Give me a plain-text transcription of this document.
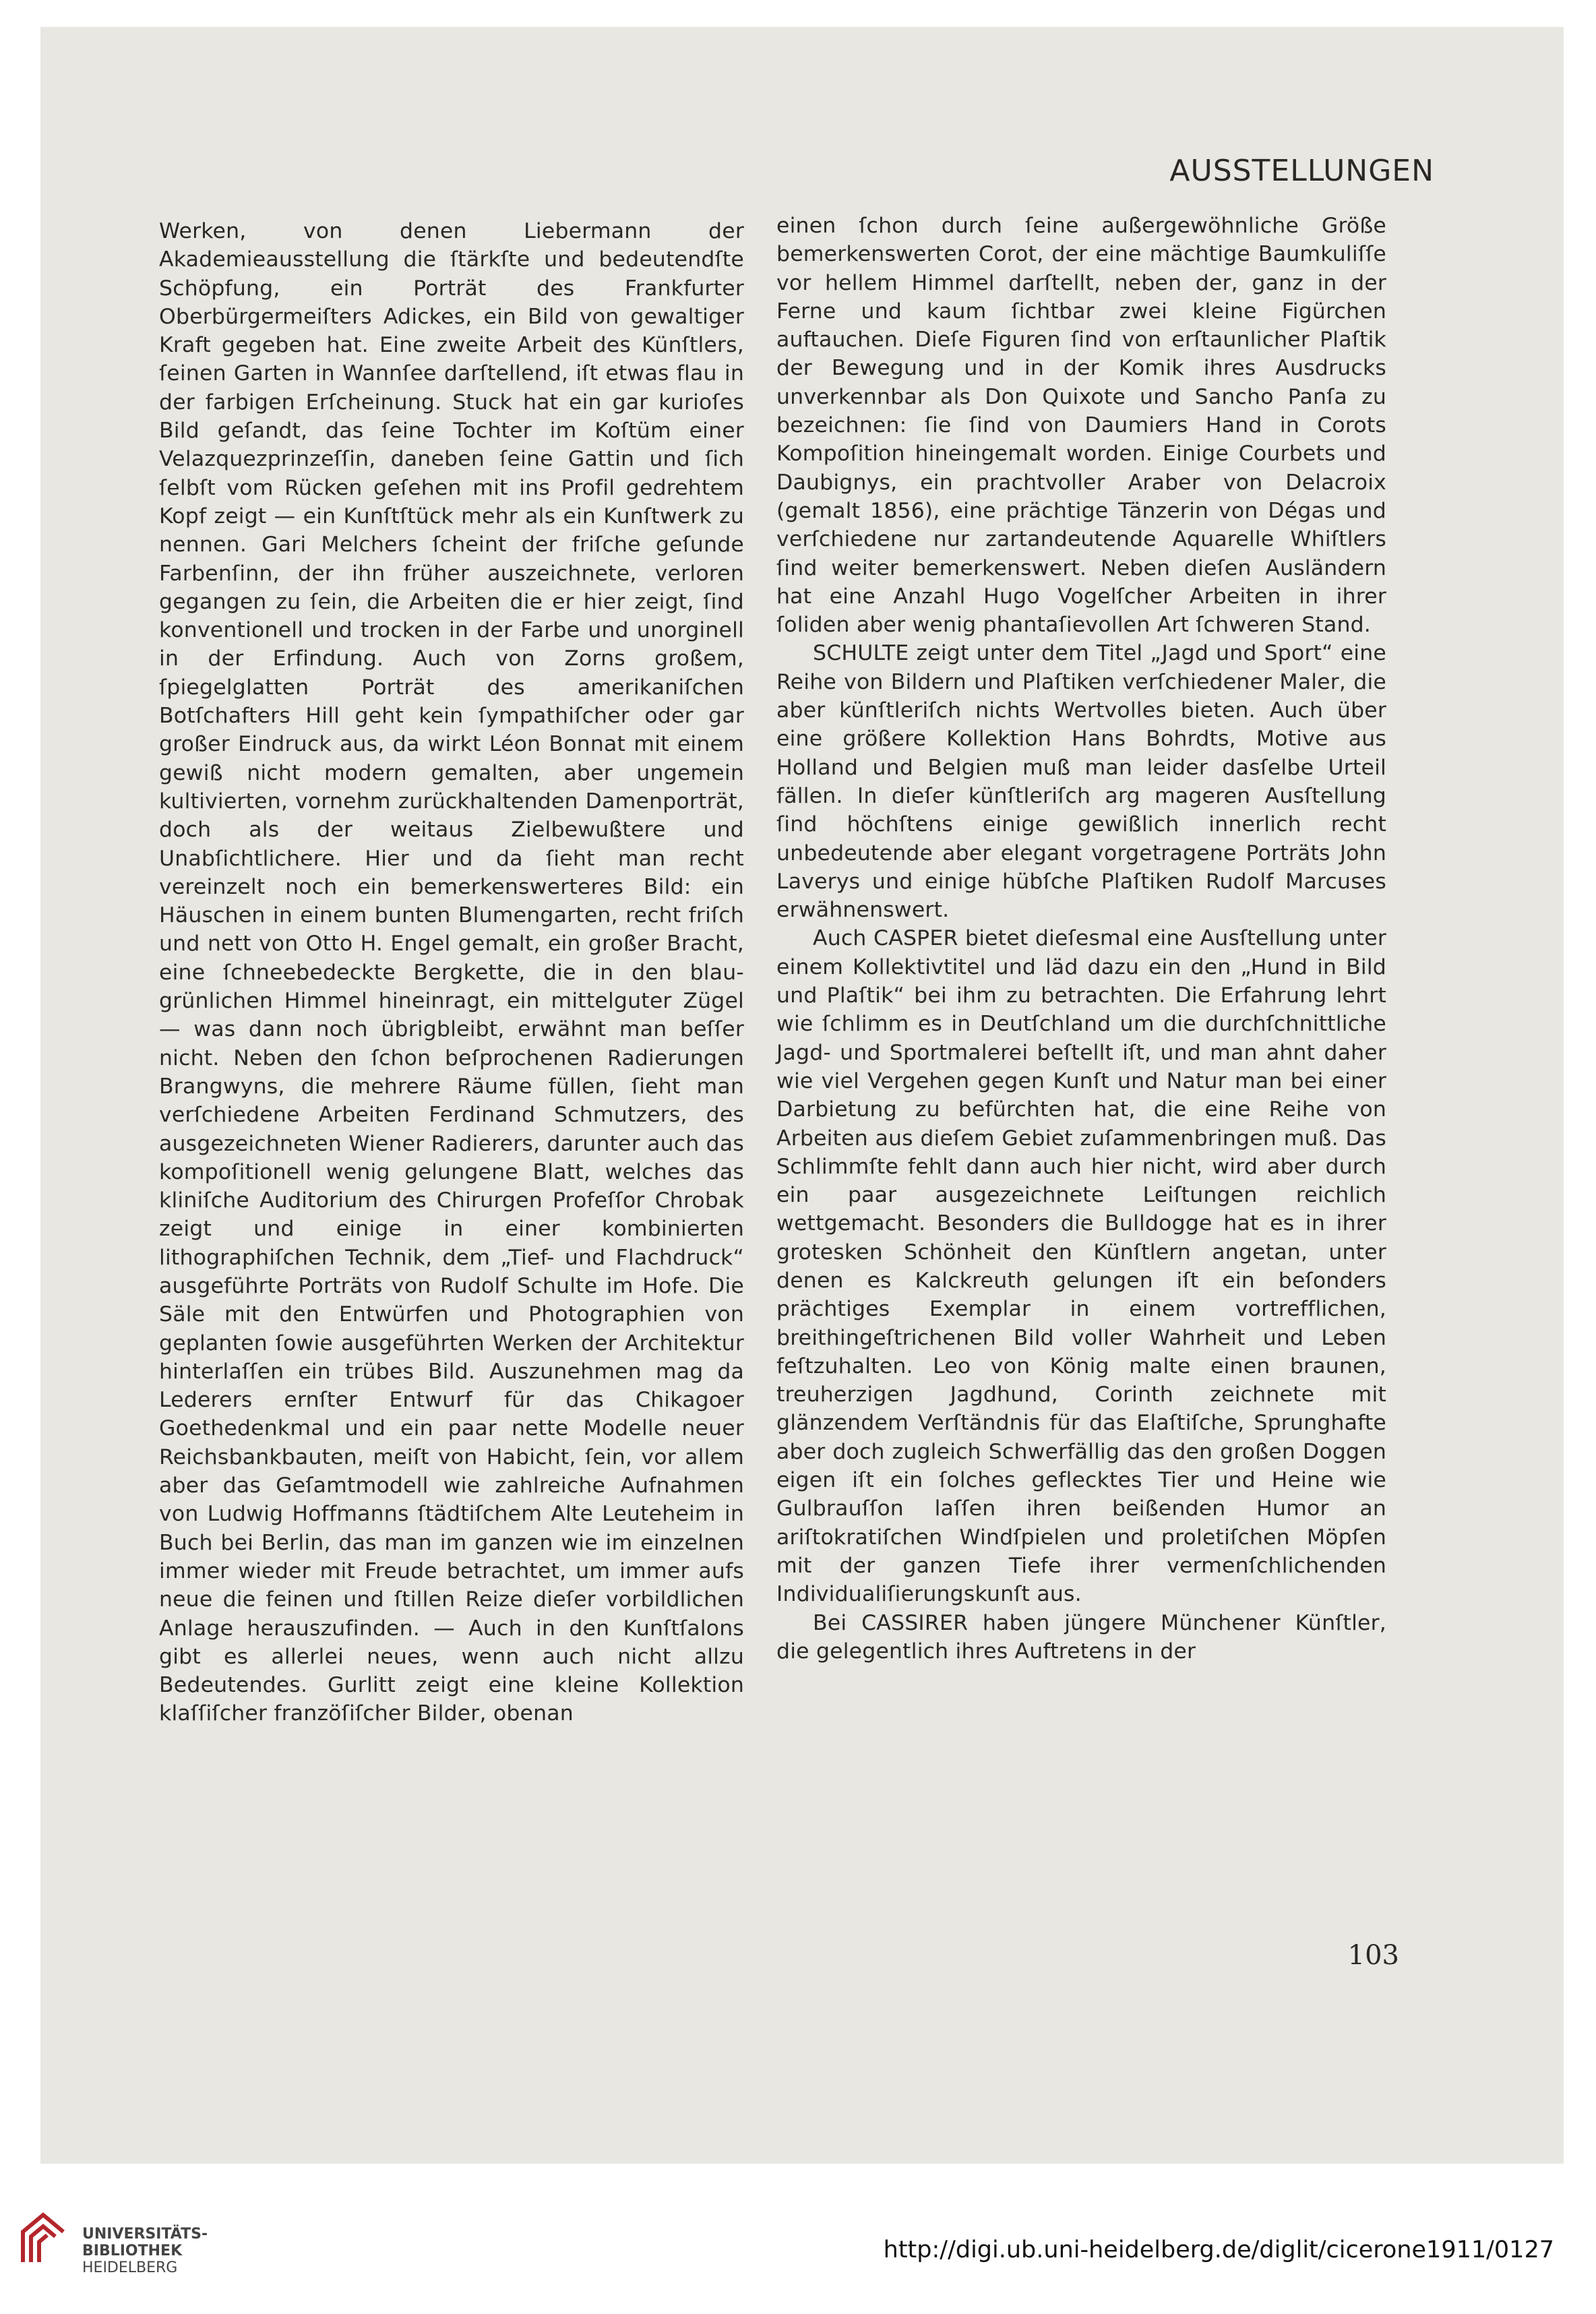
AUSSTELLUNGEN

Werken, von denen Liebermann der Akademieausstellung die ſtärkſte und bedeutendſte Schöpfung, ein Porträt des Frankfurter Oberbürgermeiſters Adickes, ein Bild von gewaltiger Kraft gegeben hat. Eine zweite Arbeit des Künſtlers, ſeinen Garten in Wannſee darſtellend, iſt etwas flau in der farbigen Erſcheinung. Stuck hat ein gar kurioſes Bild geſandt, das ſeine Tochter im Koſtüm einer Velazquezprinzeſſin, daneben ſeine Gattin und ſich ſelbſt vom Rücken geſehen mit ins Profil gedrehtem Kopf zeigt — ein Kunſtſtück mehr als ein Kunſtwerk zu nennen. Gari Melchers ſcheint der friſche geſunde Farbenſinn, der ihn früher auszeichnete, verloren gegangen zu ſein, die Arbeiten die er hier zeigt, ſind konventionell und trocken in der Farbe und unorginell in der Erfindung. Auch von Zorns großem, ſpiegelglatten Porträt des amerikaniſchen Botſchafters Hill geht kein ſympathiſcher oder gar großer Eindruck aus, da wirkt Léon Bonnat mit einem gewiß nicht modern gemalten, aber ungemein kultivierten, vornehm zurückhaltenden Damenporträt, doch als der weitaus Zielbewußtere und Unabſichtlichere. Hier und da ſieht man recht vereinzelt noch ein bemerkenswerteres Bild: ein Häuschen in einem bunten Blumengarten, recht friſch und nett von Otto H. Engel gemalt, ein großer Bracht, eine ſchneebedeckte Bergkette, die in den blau-grünlichen Himmel hineinragt, ein mittelguter Zügel — was dann noch übrigbleibt, erwähnt man beſſer nicht. Neben den ſchon beſprochenen Radierungen Brangwyns, die mehrere Räume füllen, ſieht man verſchiedene Arbeiten Ferdinand Schmutzers, des ausgezeichneten Wiener Radierers, darunter auch das kompoſitionell wenig gelungene Blatt, welches das kliniſche Auditorium des Chirurgen Profeſſor Chrobak zeigt und einige in einer kombinierten lithographiſchen Technik, dem „Tief- und Flachdruck“ ausgeführte Porträts von Rudolf Schulte im Hofe. Die Säle mit den Entwürfen und Photographien von geplanten ſowie ausgeführten Werken der Architektur hinterlaſſen ein trübes Bild. Auszunehmen mag da Lederers ernſter Entwurf für das Chikagoer Goethedenkmal und ein paar nette Modelle neuer Reichsbankbauten, meiſt von Habicht, ſein, vor allem aber das Geſamtmodell wie zahlreiche Aufnahmen von Ludwig Hoffmanns ſtädtiſchem Alte Leuteheim in Buch bei Berlin, das man im ganzen wie im einzelnen immer wieder mit Freude betrachtet, um immer aufs neue die feinen und ſtillen Reize dieſer vorbildlichen Anlage herauszufinden. — Auch in den Kunſtſalons gibt es allerlei neues, wenn auch nicht allzu Bedeutendes. Gurlitt zeigt eine kleine Kollektion klaſſiſcher franzöſiſcher Bilder, obenan

einen ſchon durch ſeine außergewöhnliche Größe bemerkenswerten Corot, der eine mächtige Baumkuliſſe vor hellem Himmel darſtellt, neben der, ganz in der Ferne und kaum ſichtbar zwei kleine Figürchen auftauchen. Dieſe Figuren ſind von erſtaunlicher Plaſtik der Bewegung und in der Komik ihres Ausdrucks unverkennbar als Don Quixote und Sancho Panſa zu bezeichnen: ſie ſind von Daumiers Hand in Corots Kompoſition hineingemalt worden. Einige Courbets und Daubignys, ein prachtvoller Araber von Delacroix (gemalt 1856), eine prächtige Tänzerin von Dégas und verſchiedene nur zartandeutende Aquarelle Whiſtlers ſind weiter bemerkenswert. Neben dieſen Ausländern hat eine Anzahl Hugo Vogelſcher Arbeiten in ihrer ſoliden aber wenig phantaſievollen Art ſchweren Stand.

SCHULTE zeigt unter dem Titel „Jagd und Sport“ eine Reihe von Bildern und Plaſtiken verſchiedener Maler, die aber künſtleriſch nichts Wertvolles bieten. Auch über eine größere Kollektion Hans Bohrdts, Motive aus Holland und Belgien muß man leider dasſelbe Urteil fällen. In dieſer künſtleriſch arg mageren Ausſtellung ſind höchſtens einige gewißlich innerlich recht unbedeutende aber elegant vorgetragene Porträts John Laverys und einige hübſche Plaſtiken Rudolf Marcuses erwähnenswert.

Auch CASPER bietet dieſesmal eine Ausſtellung unter einem Kollektivtitel und läd dazu ein den „Hund in Bild und Plaſtik“ bei ihm zu betrachten. Die Erfahrung lehrt wie ſchlimm es in Deutſchland um die durchſchnittliche Jagd- und Sportmalerei beſtellt iſt, und man ahnt daher wie viel Vergehen gegen Kunſt und Natur man bei einer Darbietung zu befürchten hat, die eine Reihe von Arbeiten aus dieſem Gebiet zuſammenbringen muß. Das Schlimmſte fehlt dann auch hier nicht, wird aber durch ein paar ausgezeichnete Leiſtungen reichlich wettgemacht. Besonders die Bulldogge hat es in ihrer grotesken Schönheit den Künſtlern angetan, unter denen es Kalckreuth gelungen iſt ein beſonders prächtiges Exemplar in einem vortrefflichen, breithingeſtrichenen Bild voller Wahrheit und Leben feſtzuhalten. Leo von König malte einen braunen, treuherzigen Jagdhund, Corinth zeichnete mit glänzendem Verſtändnis für das Elaſtiſche, Sprunghafte aber doch zugleich Schwerfällig das den großen Doggen eigen iſt ein ſolches geflecktes Tier und Heine wie Gulbrauſſon laſſen ihren beißenden Humor an ariſtokratiſchen Windſpielen und proletiſchen Möpſen mit der ganzen Tiefe ihrer vermenſchlichenden Individualiſierungskunſt aus.

Bei CASSIRER haben jüngere Münchener Künſtler, die gelegentlich ihres Auftretens in der

103
UNIVERSITÄTS-
BIBLIOTHEK
HEIDELBERG
http://digi.ub.uni-heidelberg.de/diglit/cicerone1911/0127
